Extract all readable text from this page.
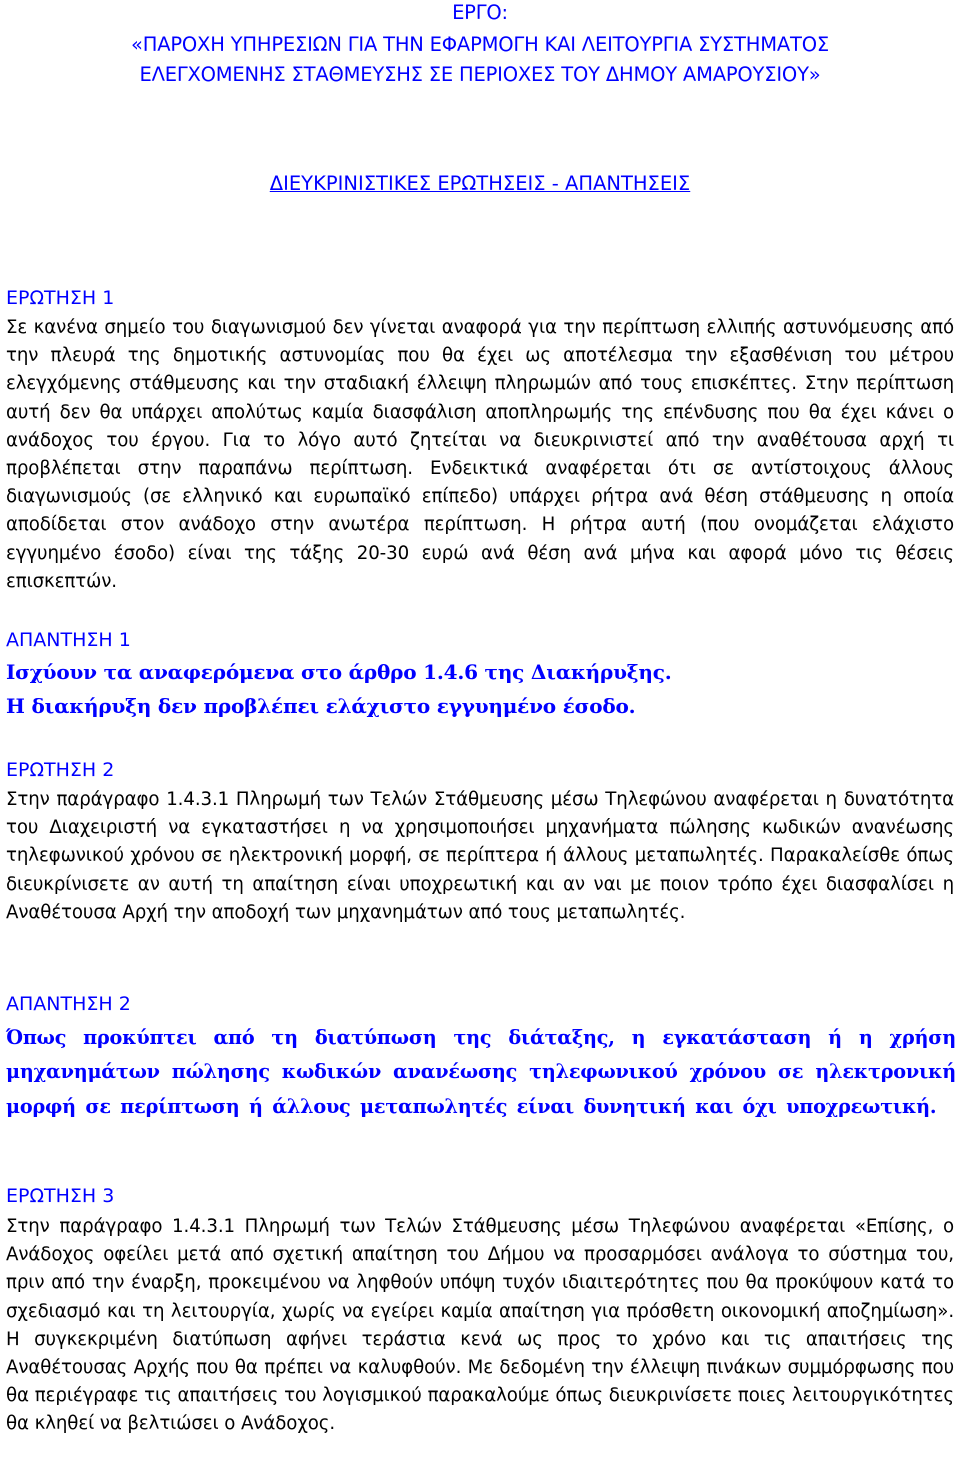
ΕΡΓΟ:
«ΠΑΡΟΧΗ ΥΠΗΡΕΣΙΩΝ ΓΙΑ ΤΗΝ ΕΦΑΡΜΟΓΗ ΚΑΙ ΛΕΙΤΟΥΡΓΙΑ ΣΥΣΤΗΜΑΤΟΣ
ΕΛΕΓΧΟΜΕΝΗΣ ΣΤΑΘΜΕΥΣΗΣ ΣΕ ΠΕΡΙΟΧΕΣ ΤΟΥ ΔΗΜΟΥ ΑΜΑΡΟΥΣΙΟΥ»
ΔΙΕΥΚΡΙΝΙΣΤΙΚΕΣ ΕΡΩΤΗΣΕΙΣ - ΑΠΑΝΤΗΣΕΙΣ
ΕΡΩΤΗΣΗ 1
Σε κανένα σημείο του διαγωνισμού δεν γίνεται αναφορά για την περίπτωση ελλιπής αστυνόμευσης από την πλευρά της δημοτικής αστυνομίας που θα έχει ως αποτέλεσμα την εξασθένιση του μέτρου ελεγχόμενης στάθμευσης και την σταδιακή έλλειψη πληρωμών από τους επισκέπτες. Στην περίπτωση αυτή δεν θα υπάρχει απολύτως καμία διασφάλιση αποπληρωμής της επένδυσης που θα έχει κάνει ο ανάδοχος του έργου. Για το λόγο αυτό ζητείται να διευκρινιστεί από την αναθέτουσα αρχή τι προβλέπεται στην παραπάνω περίπτωση. Ενδεικτικά αναφέρεται ότι σε αντίστοιχους άλλους διαγωνισμούς (σε ελληνικό και ευρωπαϊκό επίπεδο) υπάρχει ρήτρα ανά θέση στάθμευσης η οποία αποδίδεται στον ανάδοχο στην ανωτέρα περίπτωση. Η ρήτρα αυτή (που ονομάζεται ελάχιστο εγγυημένο έσοδο) είναι της τάξης 20-30 ευρώ ανά θέση ανά μήνα και αφορά μόνο τις θέσεις επισκεπτών.
ΑΠΑΝΤΗΣΗ 1
Ισχύουν τα αναφερόμενα στο άρθρο 1.4.6 της Διακήρυξης.
Η διακήρυξη δεν προβλέπει ελάχιστο εγγυημένο έσοδο.
ΕΡΩΤΗΣΗ 2
Στην παράγραφο 1.4.3.1 Πληρωμή των Τελών Στάθμευσης μέσω Τηλεφώνου αναφέρεται η δυνατότητα του Διαχειριστή να εγκαταστήσει η να χρησιμοποιήσει μηχανήματα πώλησης κωδικών ανανέωσης τηλεφωνικού χρόνου σε ηλεκτρονική μορφή, σε περίπτερα ή άλλους μεταπωλητές. Παρακαλείσθε όπως διευκρίνισετε αν αυτή τη απαίτηση είναι υποχρεωτική και αν ναι με ποιον τρόπο έχει διασφαλίσει η Αναθέτουσα Αρχή την αποδοχή των μηχανημάτων από τους μεταπωλητές.
ΑΠΑΝΤΗΣΗ 2
Όπως προκύπτει από τη διατύπωση της διάταξης, η εγκατάσταση ή η χρήση μηχανημάτων πώλησης κωδικών ανανέωσης τηλεφωνικού χρόνου σε ηλεκτρονική μορφή σε περίπτωση ή άλλους μεταπωλητές είναι δυνητική και όχι υποχρεωτική.
ΕΡΩΤΗΣΗ 3
Στην παράγραφο 1.4.3.1 Πληρωμή των Τελών Στάθμευσης μέσω Τηλεφώνου αναφέρεται «Επίσης, ο Ανάδοχος οφείλει μετά από σχετική απαίτηση του Δήμου να προσαρμόσει ανάλογα το σύστημα του, πριν από την έναρξη, προκειμένου να ληφθούν υπόψη τυχόν ιδιαιτερότητες που θα προκύψουν κατά το σχεδιασμό και τη λειτουργία, χωρίς να εγείρει καμία απαίτηση για πρόσθετη οικονομική αποζημίωση». Η συγκεκριμένη διατύπωση αφήνει τεράστια κενά ως προς το χρόνο και τις απαιτήσεις της Αναθέτουσας Αρχής που θα πρέπει να καλυφθούν. Με δεδομένη την έλλειψη πινάκων συμμόρφωσης που θα περιέγραφε τις απαιτήσεις του λογισμικού παρακαλούμε όπως διευκρινίσετε ποιες λειτουργικότητες θα κληθεί να βελτιώσει ο Ανάδοχος.
